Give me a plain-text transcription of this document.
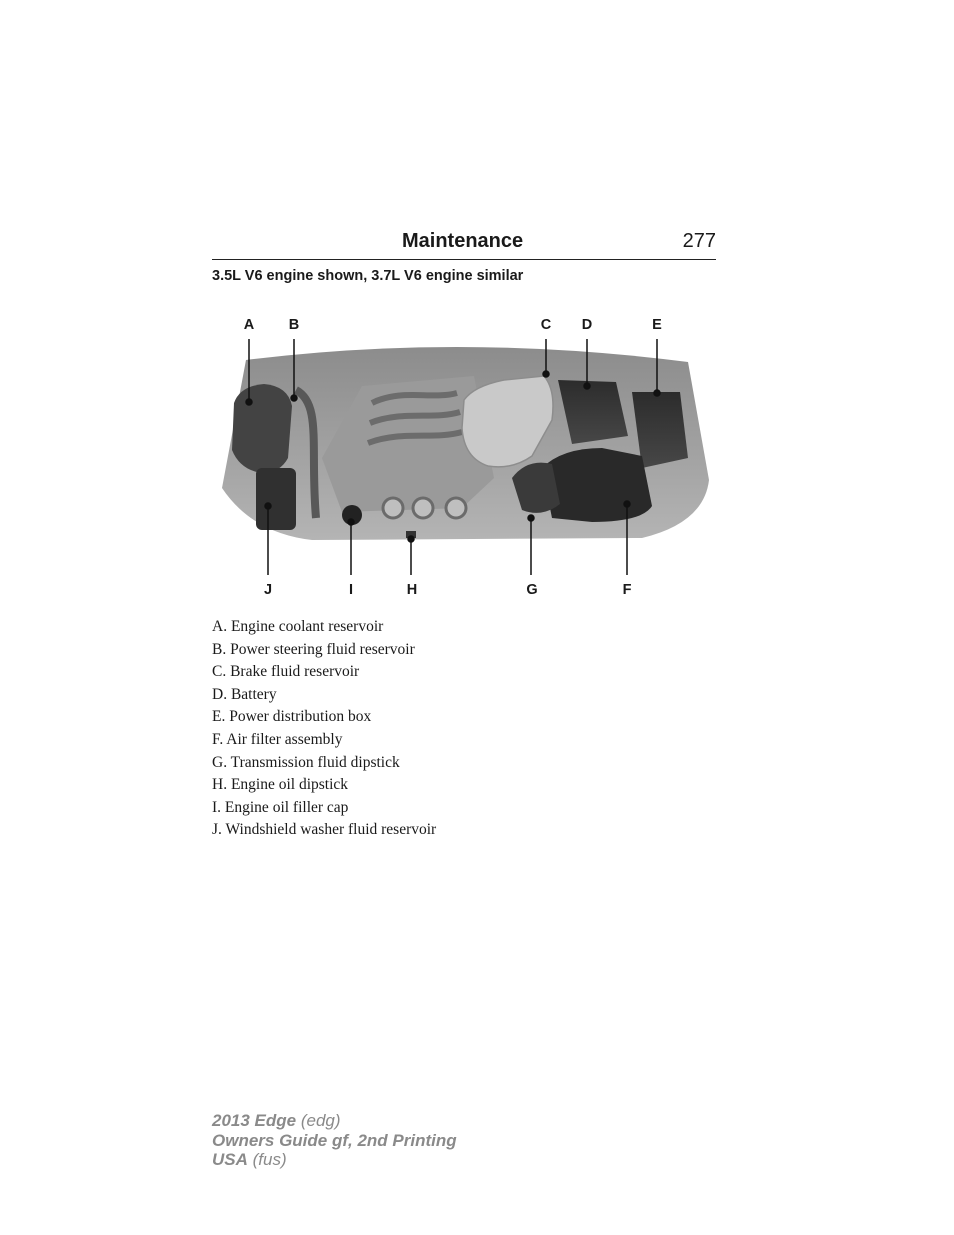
Maintenance	277
3.5L V6 engine shown, 3.7L V6 engine similar
A	B	C	D	E
J	I	H	G	F
A. Engine coolant reservoir
B. Power steering fluid reservoir
C. Brake fluid reservoir
D. Battery
E. Power distribution box
F. Air filter assembly
G. Transmission fluid dipstick
H. Engine oil dipstick
I. Engine oil filler cap
J. Windshield washer fluid reservoir
2013 Edge (edg)
Owners Guide gf, 2nd Printing
USA (fus)
